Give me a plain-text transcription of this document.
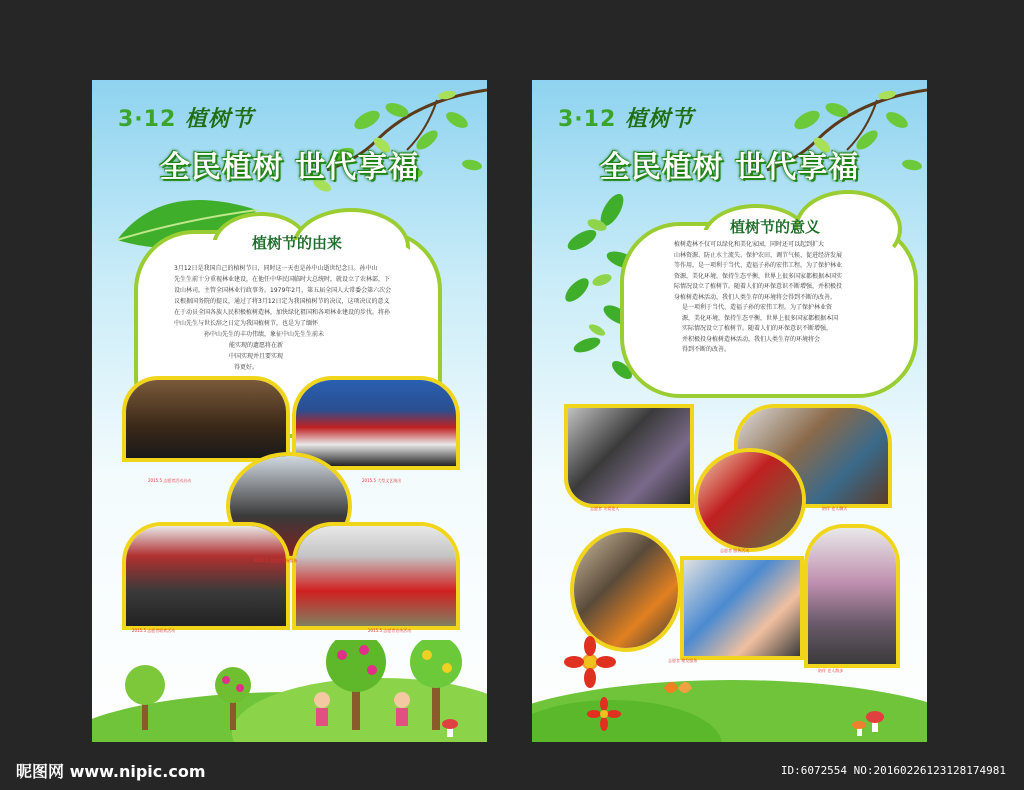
3·12 植树节
全民植树 世代享福
植树节的由来
3月12日是我国自己的植树节日，同时这一天也是孙中山逝世纪念日。孙中山
先生生前十分重视林业建设，在他任中华民国临时大总统时，就设立了农林部，下
设山林司，主管全国林业行政事务。1979年2月，第五届全国人大常委会第六次会
议根据国务院的提议，通过了将3月12日定为我国植树节的决议，这项决议的意义
在于动员全国各族人民积极植树造林，加快绿化祖国和各项林业建设的步伐。将孙
中山先生与世长辞之日定为我国植树节，也是为了缅怀
孙中山先生的丰功伟绩，象征中山先生生前未
能实现的遗愿将在新
中国实现并且要实现
得更好。
2015.5 志愿者活动启动	2015.5 大型文艺演出
2015.5 志愿者现场服务
2015.5 志愿者联欢活动	2015.5 志愿者宣传活动
3·12 植树节
全民植树 世代享福
植树节的意义
植树造林不仅可以绿化和美化家园，同时还可以起到扩大
山林资源、防止水土流失、保护农田、调节气候、促进经济发展
等作用，是一项利于当代、造福子孙的宏伟工程。为了保护林业
资源，美化环境，保持生态平衡，世界上很多国家都根据本国实
际情况设立了植树节。随着人们的环保意识不断增强，并积极投
身植树造林活动，我们人类生存的环境将会得到不断的改善。
是一项利于当代、造福子孙的宏伟工程。为了保护林业资
源，美化环境，保持生态平衡，世界上很多国家都根据本国
实际情况设立了植树节。随着人们的环保意识不断增强，
并积极投身植树造林活动，我们人类生存的环境将会
得到不断的改善。
志愿者 关爱老人	陪伴 老人聊天
志愿者 服务活动
志愿者 理发服务
陪伴 老人散步
昵图网 www.nipic.com	ID:6072554 NO:20160226123128174981
